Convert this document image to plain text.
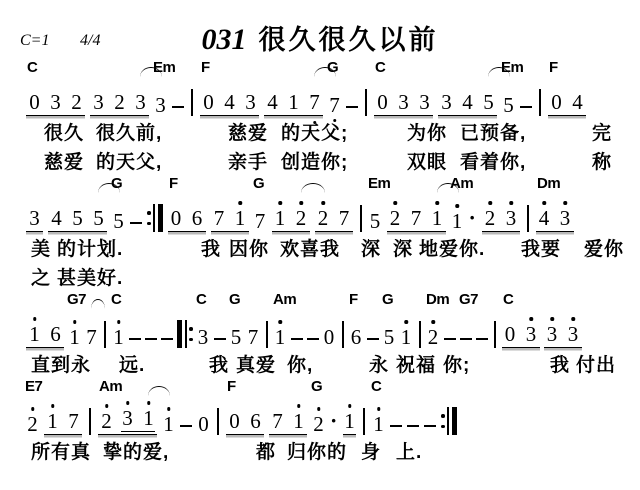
C=1 4/4	031 很久很久以前
0 3 2 3 2 3 3 0 4 3 4 1 7 7 0 3 3 3 4 5 5 0 4
C	Em F	G C	Em F
很久 很久前,	慈爱 的天父;	为你 已预备,	完
慈爱 的天父,	亲手 创造你;	双眼 看着你,	称
3 4 5 5 5 0 6 7 1 7 1 2 2 7 5 2 7 1 1 · 2 3 4 3
G	F	G	Em	Am	Dm
美 的计划.	我 因你 欢喜我 深 深 地爱你. 我要 爱你
之 甚美好.
1 6 1 7 1	3 5 7 1 0 6 5 1 2	0 3 3 3
G7 C	C G Am	F G Dm G7 C
直到永 远.	我 真爱 你,	永 祝福 你;	我 付出
2 1 7 2 3 1 1 0 0 6 7 1 2 · 1 1
E7	Am	F	G	C
所有真 挚的爱,	都 归你的 身 上.
